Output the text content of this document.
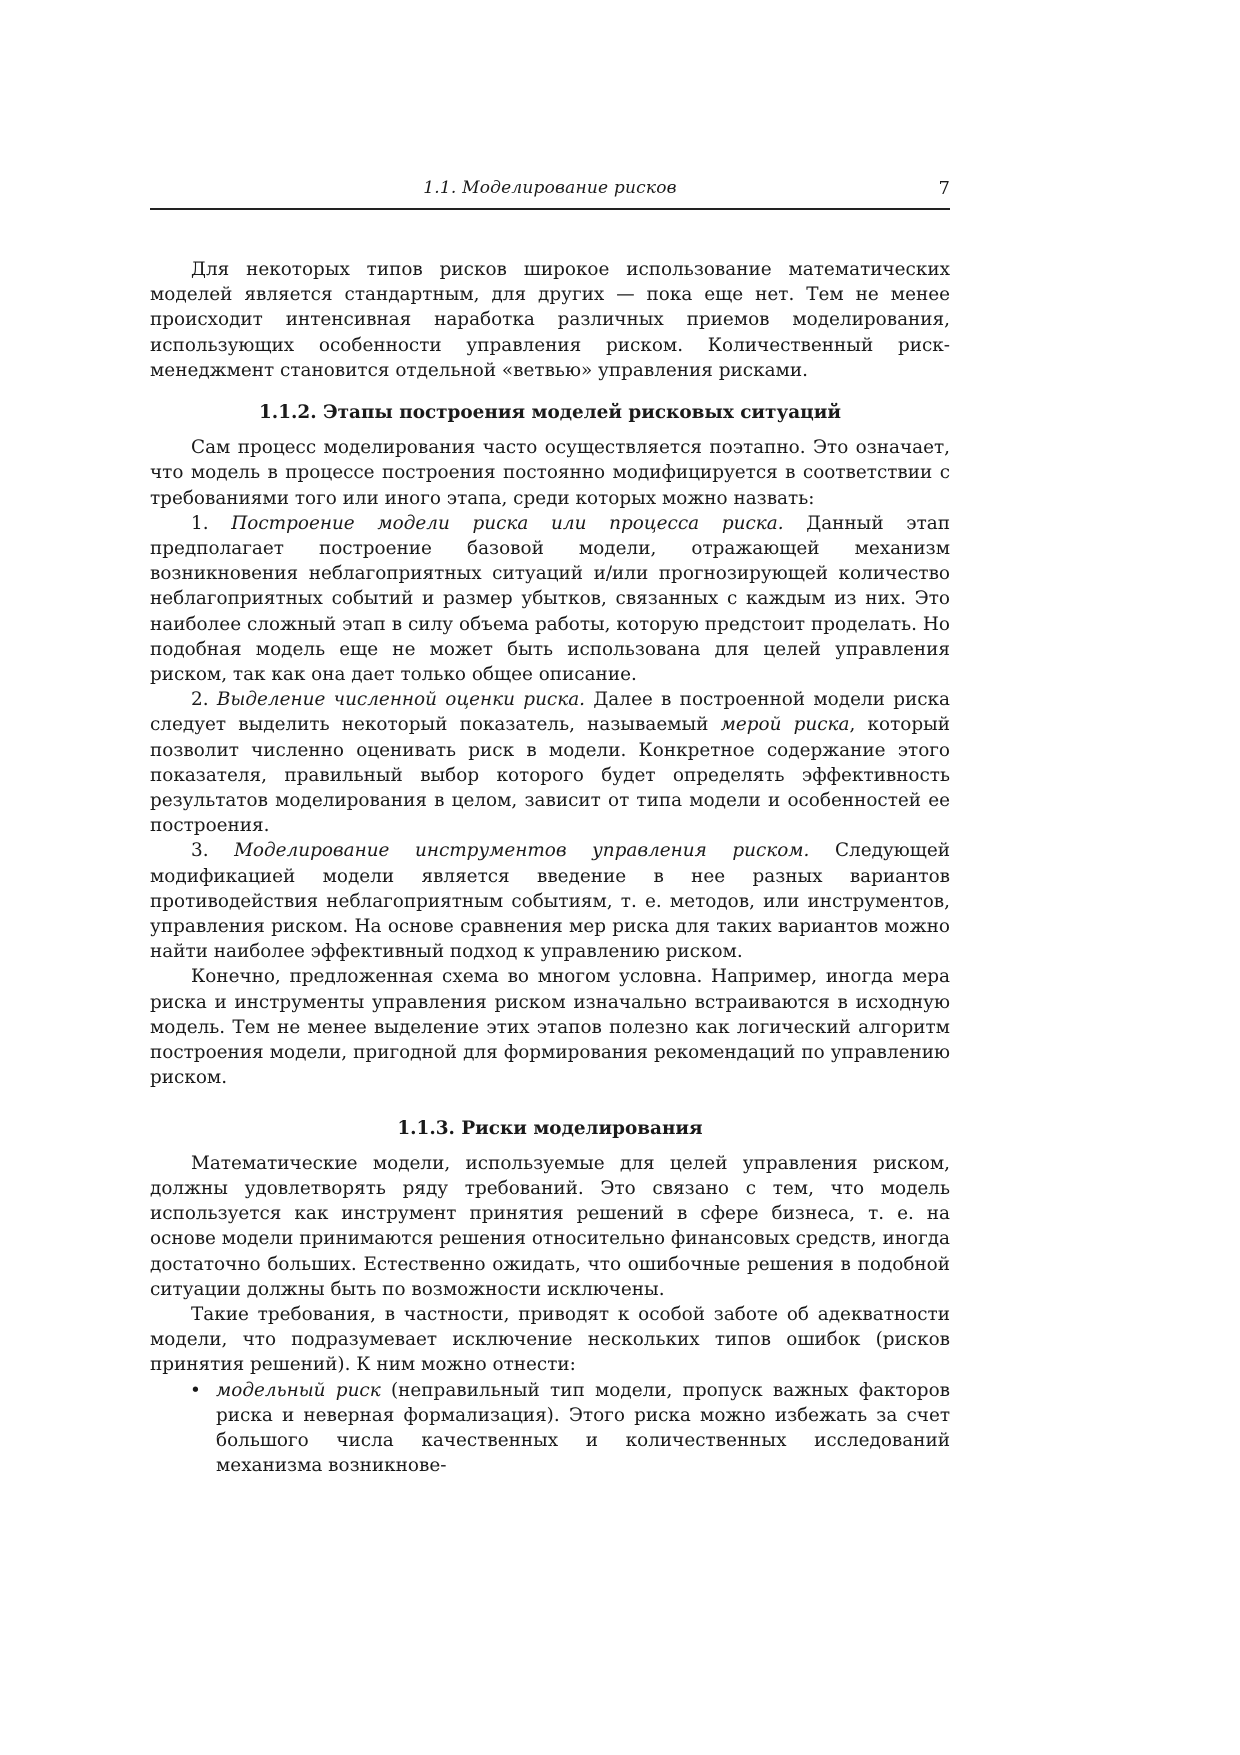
1.1. Моделирование рисков	7

Для некоторых типов рисков широкое использование математических моделей является стандартным, для других — пока еще нет. Тем не менее происходит интенсивная наработка различных приемов моделирования, использующих особенности управления риском. Количественный риск-менеджмент становится отдельной «ветвью» управления рисками.

1.1.2. Этапы построения моделей рисковых ситуаций

Сам процесс моделирования часто осуществляется поэтапно. Это означает, что модель в процессе построения постоянно модифицируется в соответствии с требованиями того или иного этапа, среди которых можно назвать:

1. Построение модели риска или процесса риска. Данный этап предполагает построение базовой модели, отражающей механизм возникновения неблагоприятных ситуаций и/или прогнозирующей количество неблагоприятных событий и размер убытков, связанных с каждым из них. Это наиболее сложный этап в силу объема работы, которую предстоит проделать. Но подобная модель еще не может быть использована для целей управления риском, так как она дает только общее описание.

2. Выделение численной оценки риска. Далее в построенной модели риска следует выделить некоторый показатель, называемый мерой риска, который позволит численно оценивать риск в модели. Конкретное содержание этого показателя, правильный выбор которого будет определять эффективность результатов моделирования в целом, зависит от типа модели и особенностей ее построения.

3. Моделирование инструментов управления риском. Следующей модификацией модели является введение в нее разных вариантов противодействия неблагоприятным событиям, т. е. методов, или инструментов, управления риском. На основе сравнения мер риска для таких вариантов можно найти наиболее эффективный подход к управлению риском.

Конечно, предложенная схема во многом условна. Например, иногда мера риска и инструменты управления риском изначально встраиваются в исходную модель. Тем не менее выделение этих этапов полезно как логический алгоритм построения модели, пригодной для формирования рекомендаций по управлению риском.

1.1.3. Риски моделирования

Математические модели, используемые для целей управления риском, должны удовлетворять ряду требований. Это связано с тем, что модель используется как инструмент принятия решений в сфере бизнеса, т. е. на основе модели принимаются решения относительно финансовых средств, иногда достаточно больших. Естественно ожидать, что ошибочные решения в подобной ситуации должны быть по возможности исключены.

Такие требования, в частности, приводят к особой заботе об адекватности модели, что подразумевает исключение нескольких типов ошибок (рисков принятия решений). К ним можно отнести:

• модельный риск (неправильный тип модели, пропуск важных факторов риска и неверная формализация). Этого риска можно избежать за счет большого числа качественных и количественных исследований механизма возникнове-
